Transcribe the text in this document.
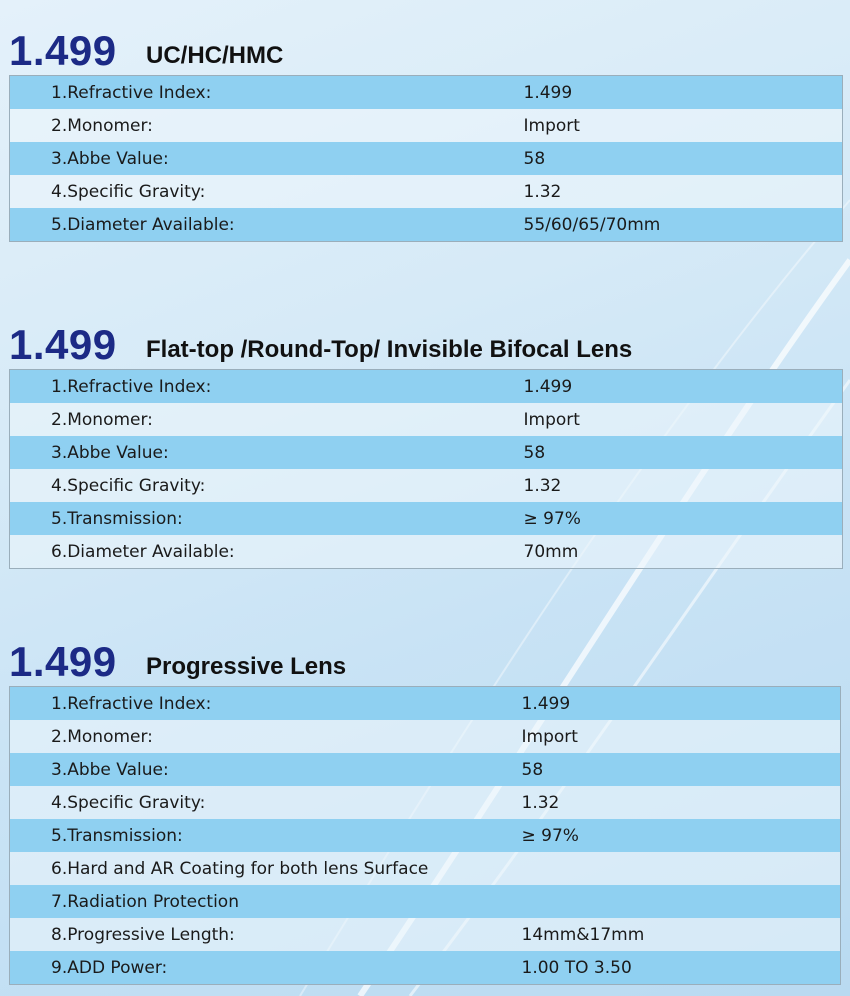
1.499 UC/HC/HMC
1.Refractive Index:	1.499
2.Monomer:	Import
3.Abbe Value:	58
4.Specific Gravity:	1.32
5.Diameter Available:	55/60/65/70mm
1.499 Flat-top /Round-Top/ Invisible Bifocal Lens
1.Refractive Index:	1.499
2.Monomer:	Import
3.Abbe Value:	58
4.Specific Gravity:	1.32
5.Transmission:	≥ 97%
6.Diameter Available:	70mm
1.499 Progressive Lens
1.Refractive Index:	1.499
2.Monomer:	Import
3.Abbe Value:	58
4.Specific Gravity:	1.32
5.Transmission:	≥ 97%
6.Hard and AR Coating for both lens Surface	
7.Radiation Protection	
8.Progressive Length:	14mm&17mm
9.ADD Power:	1.00 TO 3.50
